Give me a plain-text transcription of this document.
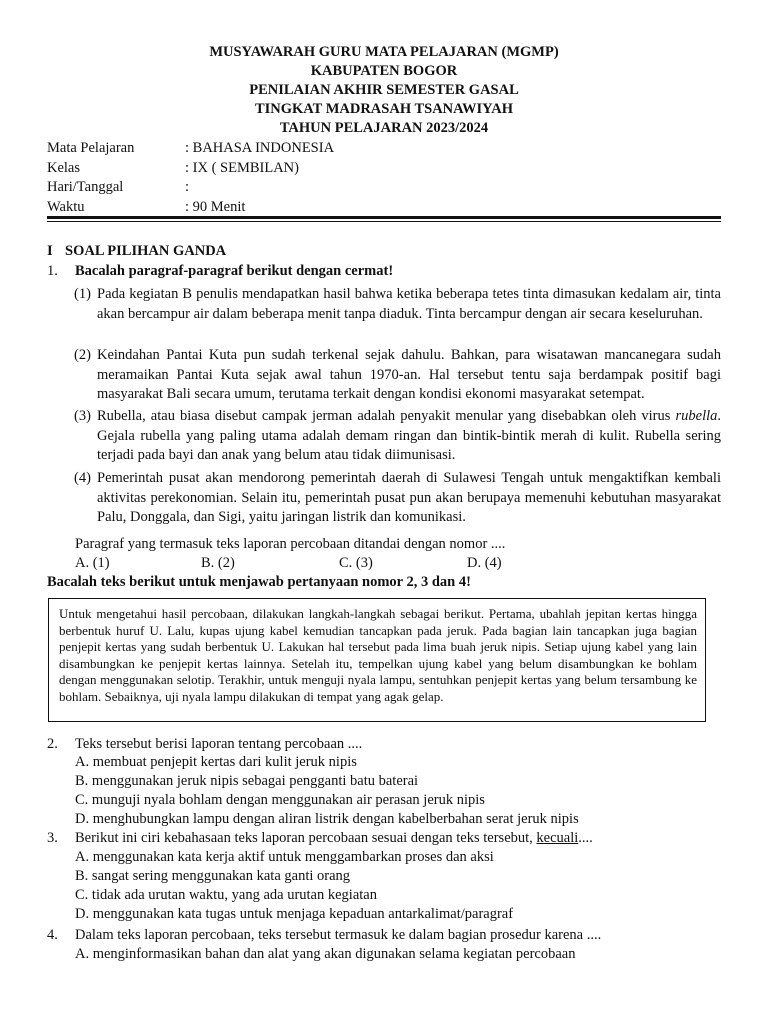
MUSYAWARAH GURU MATA PELAJARAN (MGMP)
KABUPATEN BOGOR
PENILAIAN AKHIR SEMESTER GASAL
TINGKAT MADRASAH TSANAWIYAH
TAHUN PELAJARAN 2023/2024
Mata Pelajaran	: BAHASA INDONESIA
Kelas	: IX ( SEMBILAN)
Hari/Tanggal	:
Waktu	: 90 Menit
I SOAL PILIHAN GANDA
1. Bacalah paragraf-paragraf berikut dengan cermat!
(1) Pada kegiatan B penulis mendapatkan hasil bahwa ketika beberapa tetes tinta dimasukan kedalam air, tinta akan bercampur air dalam beberapa menit tanpa diaduk. Tinta bercampur dengan air secara keseluruhan.
(2) Keindahan Pantai Kuta pun sudah terkenal sejak dahulu. Bahkan, para wisatawan mancanegara sudah meramaikan Pantai Kuta sejak awal tahun 1970-an. Hal tersebut tentu saja berdampak positif bagi masyarakat Bali secara umum, terutama terkait dengan kondisi ekonomi masyarakat setempat.
(3) Rubella, atau biasa disebut campak jerman adalah penyakit menular yang disebabkan oleh virus rubella. Gejala rubella yang paling utama adalah demam ringan dan bintik-bintik merah di kulit. Rubella sering terjadi pada bayi dan anak yang belum atau tidak diimunisasi.
(4) Pemerintah pusat akan mendorong pemerintah daerah di Sulawesi Tengah untuk mengaktifkan kembali aktivitas perekonomian. Selain itu, pemerintah pusat pun akan berupaya memenuhi kebutuhan masyarakat Palu, Donggala, dan Sigi, yaitu jaringan listrik dan komunikasi.
Paragraf yang termasuk teks laporan percobaan ditandai dengan nomor ....
A. (1)	B. (2)	C. (3)	D. (4)
Bacalah teks berikut untuk menjawab pertanyaan nomor 2, 3 dan 4!
Untuk mengetahui hasil percobaan, dilakukan langkah-langkah sebagai berikut. Pertama, ubahlah jepitan kertas hingga berbentuk huruf U. Lalu, kupas ujung kabel kemudian tancapkan pada jeruk. Pada bagian lain tancapkan juga bagian penjepit kertas yang sudah berbentuk U. Lakukan hal tersebut pada lima buah jeruk nipis. Setiap ujung kabel yang lain disambungkan ke penjepit kertas lainnya. Setelah itu, tempelkan ujung kabel yang belum disambungkan ke bohlam dengan menggunakan selotip. Terakhir, untuk menguji nyala lampu, sentuhkan penjepit kertas yang belum tersambung ke bohlam. Sebaiknya, uji nyala lampu dilakukan di tempat yang agak gelap.
2. Teks tersebut berisi laporan tentang percobaan ....
A. membuat penjepit kertas dari kulit jeruk nipis
B. menggunakan jeruk nipis sebagai pengganti batu baterai
C. munguji nyala bohlam dengan menggunakan air perasan jeruk nipis
D. menghubungkan lampu dengan aliran listrik dengan kabelberbahan serat jeruk nipis
3. Berikut ini ciri kebahasaan teks laporan percobaan sesuai dengan teks tersebut, kecuali....
A. menggunakan kata kerja aktif untuk menggambarkan proses dan aksi
B. sangat sering menggunakan kata ganti orang
C. tidak ada urutan waktu, yang ada urutan kegiatan
D. menggunakan kata tugas untuk menjaga kepaduan antarkalimat/paragraf
4. Dalam teks laporan percobaan, teks tersebut termasuk ke dalam bagian prosedur karena ....
A. menginformasikan bahan dan alat yang akan digunakan selama kegiatan percobaan
